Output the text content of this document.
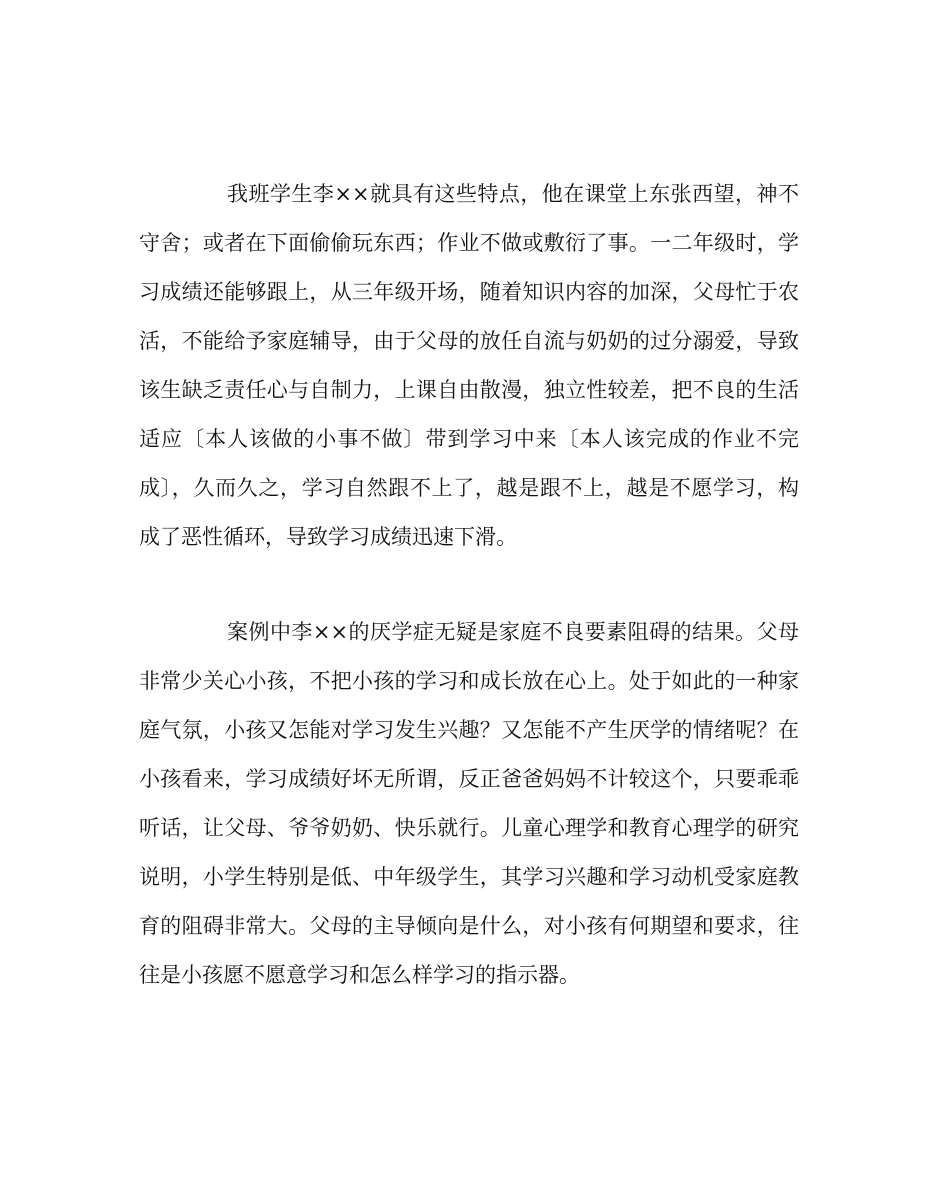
我班学生李××就具有这些特点，他在课堂上东张西望，神不守舍；或者在下面偷偷玩东西；作业不做或敷衍了事。一二年级时，学习成绩还能够跟上，从三年级开场，随着知识内容的加深，父母忙于农活，不能给予家庭辅导，由于父母的放任自流与奶奶的过分溺爱，导致该生缺乏责任心与自制力，上课自由散漫，独立性较差，把不良的生活适应〔本人该做的小事不做〕带到学习中来〔本人该完成的作业不完成〕，久而久之，学习自然跟不上了，越是跟不上，越是不愿学习，构成了恶性循环，导致学习成绩迅速下滑。

案例中李××的厌学症无疑是家庭不良要素阻碍的结果。父母非常少关心小孩，不把小孩的学习和成长放在心上。处于如此的一种家庭气氛，小孩又怎能对学习发生兴趣？又怎能不产生厌学的情绪呢？在小孩看来，学习成绩好坏无所谓，反正爸爸妈妈不计较这个，只要乖乖听话，让父母、爷爷奶奶、快乐就行。儿童心理学和教育心理学的研究说明，小学生特别是低、中年级学生，其学习兴趣和学习动机受家庭教育的阻碍非常大。父母的主导倾向是什么，对小孩有何期望和要求，往往是小孩愿不愿意学习和怎么样学习的指示器。
